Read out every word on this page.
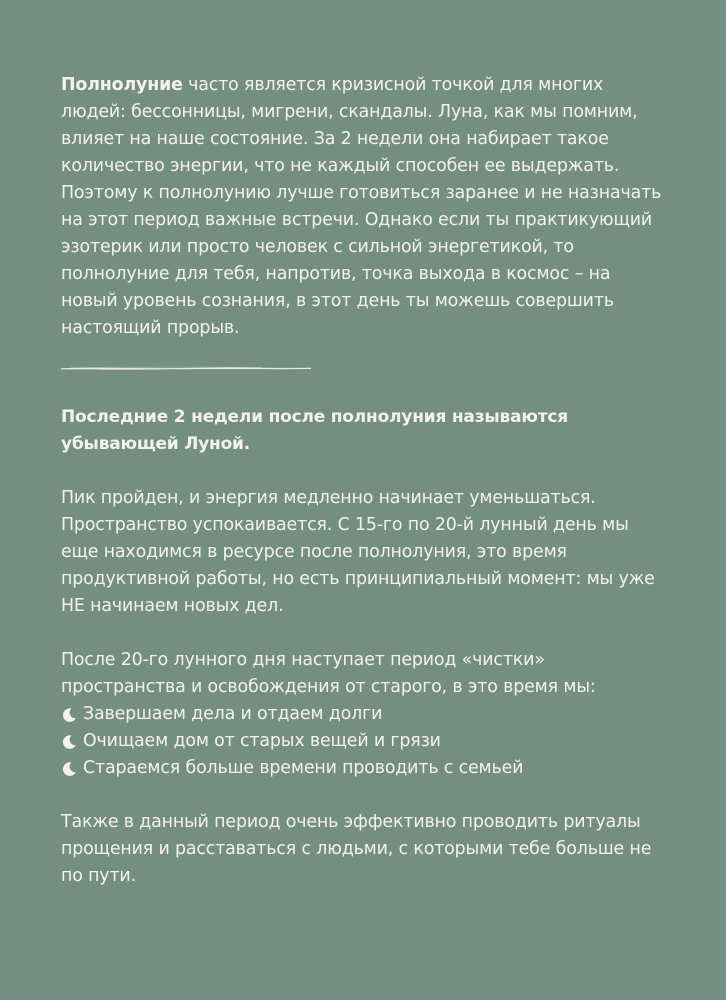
Полнолуние часто является кризисной точкой для многих людей: бессонницы, мигрени, скандалы. Луна, как мы помним, влияет на наше состояние. За 2 недели она набирает такое количество энергии, что не каждый способен ее выдержать. Поэтому к полнолунию лучше готовиться заранее и не назначать на этот период важные встречи. Однако если ты практикующий эзотерик или просто человек с сильной энергетикой, то полнолуние для тебя, напротив, точка выхода в космос – на новый уровень сознания, в этот день ты можешь совершить настоящий прорыв.

Последние 2 недели после полнолуния называются убывающей Луной.

Пик пройден, и энергия медленно начинает уменьшаться. Пространство успокаивается. С 15-го по 20-й лунный день мы еще находимся в ресурсе после полнолуния, это время продуктивной работы, но есть принципиальный момент: мы уже НЕ начинаем новых дел.

После 20-го лунного дня наступает период «чистки» пространства и освобождения от старого, в это время мы:

Завершаем дела и отдаем долги
Очищаем дом от старых вещей и грязи
Стараемся больше времени проводить с семьей

Также в данный период очень эффективно проводить ритуалы прощения и расставаться с людьми, с которыми тебе больше не по пути.
